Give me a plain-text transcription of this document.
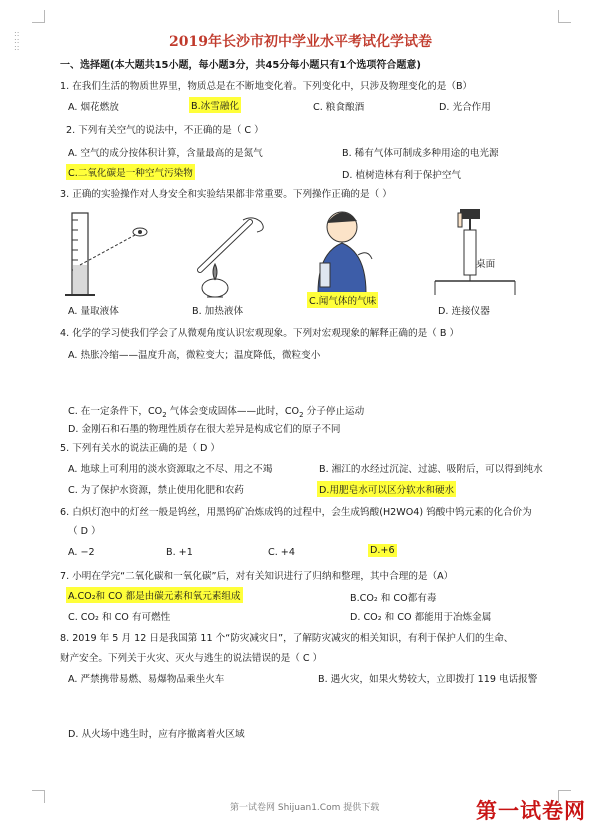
:: :: ::	2019年长沙市初中学业水平考试化学试卷
一、选择题(本大题共15小题，每小题3分，共45分每小题只有1个选项符合题意)
1. 在我们生活的物质世界里，物质总是在不断地变化着。下列变化中，只涉及物理变化的是（B）
A. 烟花燃放	B.冰雪融化	C. 粮食酿酒	D. 光合作用
2. 下列有关空气的说法中，不正确的是（ C ）
A. 空气的成分按体积计算，含量最高的是氮气	B. 稀有气体可制成多种用途的电光源
C.二氧化碳是一种空气污染物	D. 植树造林有利于保护空气
3. 正确的实验操作对人身安全和实验结果都非常重要。下列操作正确的是（ ）
A. 量取液体	B. 加热液体
C.闻气体的气味
桌面
D. 连接仪器
4. 化学的学习使我们学会了从微观角度认识宏观现象。下列对宏观现象的解释正确的是（ B ）
A. 热胀冷缩——温度升高，微粒变大；温度降低，微粒变小
C. 在一定条件下，$CO_2$ 气体会变成固体——此时，$CO_2$ 分子停止运动
D. 金刚石和石墨的物理性质存在很大差异是构成它们的原子不同
5. 下列有关水的说法正确的是（ D ）
A. 地球上可利用的淡水资源取之不尽、用之不竭	B. 湘江的水经过沉淀、过滤、吸附后，可以得到纯水
C. 为了保护水资源，禁止使用化肥和农药	D.用肥皂水可以区分软水和硬水
6. 白炽灯泡中的灯丝一般是钨丝，用黑钨矿冶炼成钨的过程中，会生成钨酸(H2WO4) 钨酸中钨元素的化合价为
（ D ）
A. −2	B. +1	C. +4	D.+6
7. 小明在学完“二氧化碳和一氧化碳”后，对有关知识进行了归纳和整理，其中合理的是（A）
A.CO₂和 CO 都是由碳元素和氧元素组成	B.CO₂ 和 CO都有毒
C. CO₂ 和 CO 有可燃性	D. CO₂ 和 CO 都能用于冶炼金属
8. 2019 年 5 月 12 日是我国第 11 个“防灾减灾日”，了解防灾减灾的相关知识，有利于保护人们的生命、
财产安全。下列关于火灾、灭火与逃生的说法错误的是（ C ）
A. 严禁携带易燃、易爆物品乘坐火车	B. 遇火灾，如果火势较大，立即拨打 119 电话报警
D. 从火场中逃生时，应有序撤离着火区域
第一试卷网 Shijuan1.Com 提供下载	第一试卷网
